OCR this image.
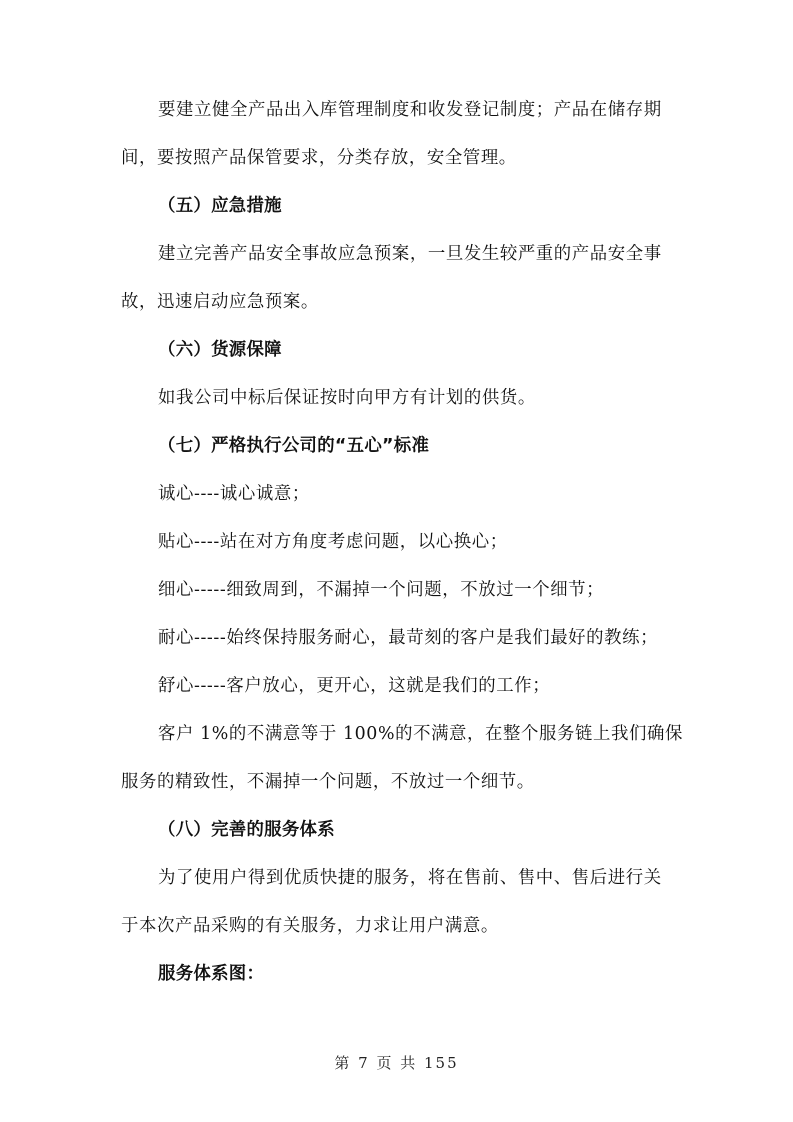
要建立健全产品出入库管理制度和收发登记制度；产品在储存期
间，要按照产品保管要求，分类存放，安全管理。
（五）应急措施
建立完善产品安全事故应急预案，一旦发生较严重的产品安全事
故，迅速启动应急预案。
（六）货源保障
如我公司中标后保证按时向甲方有计划的供货。
（七）严格执行公司的“五心”标准
诚心----诚心诚意；
贴心----站在对方角度考虑问题，以心换心；
细心-----细致周到，不漏掉一个问题，不放过一个细节；
耐心-----始终保持服务耐心，最苛刻的客户是我们最好的教练；
舒心-----客户放心，更开心，这就是我们的工作；
客户 1%的不满意等于 100%的不满意，在整个服务链上我们确保
服务的精致性，不漏掉一个问题，不放过一个细节。
（八）完善的服务体系
为了使用户得到优质快捷的服务，将在售前、售中、售后进行关
于本次产品采购的有关服务，力求让用户满意。
服务体系图：
第 7 页 共 155
